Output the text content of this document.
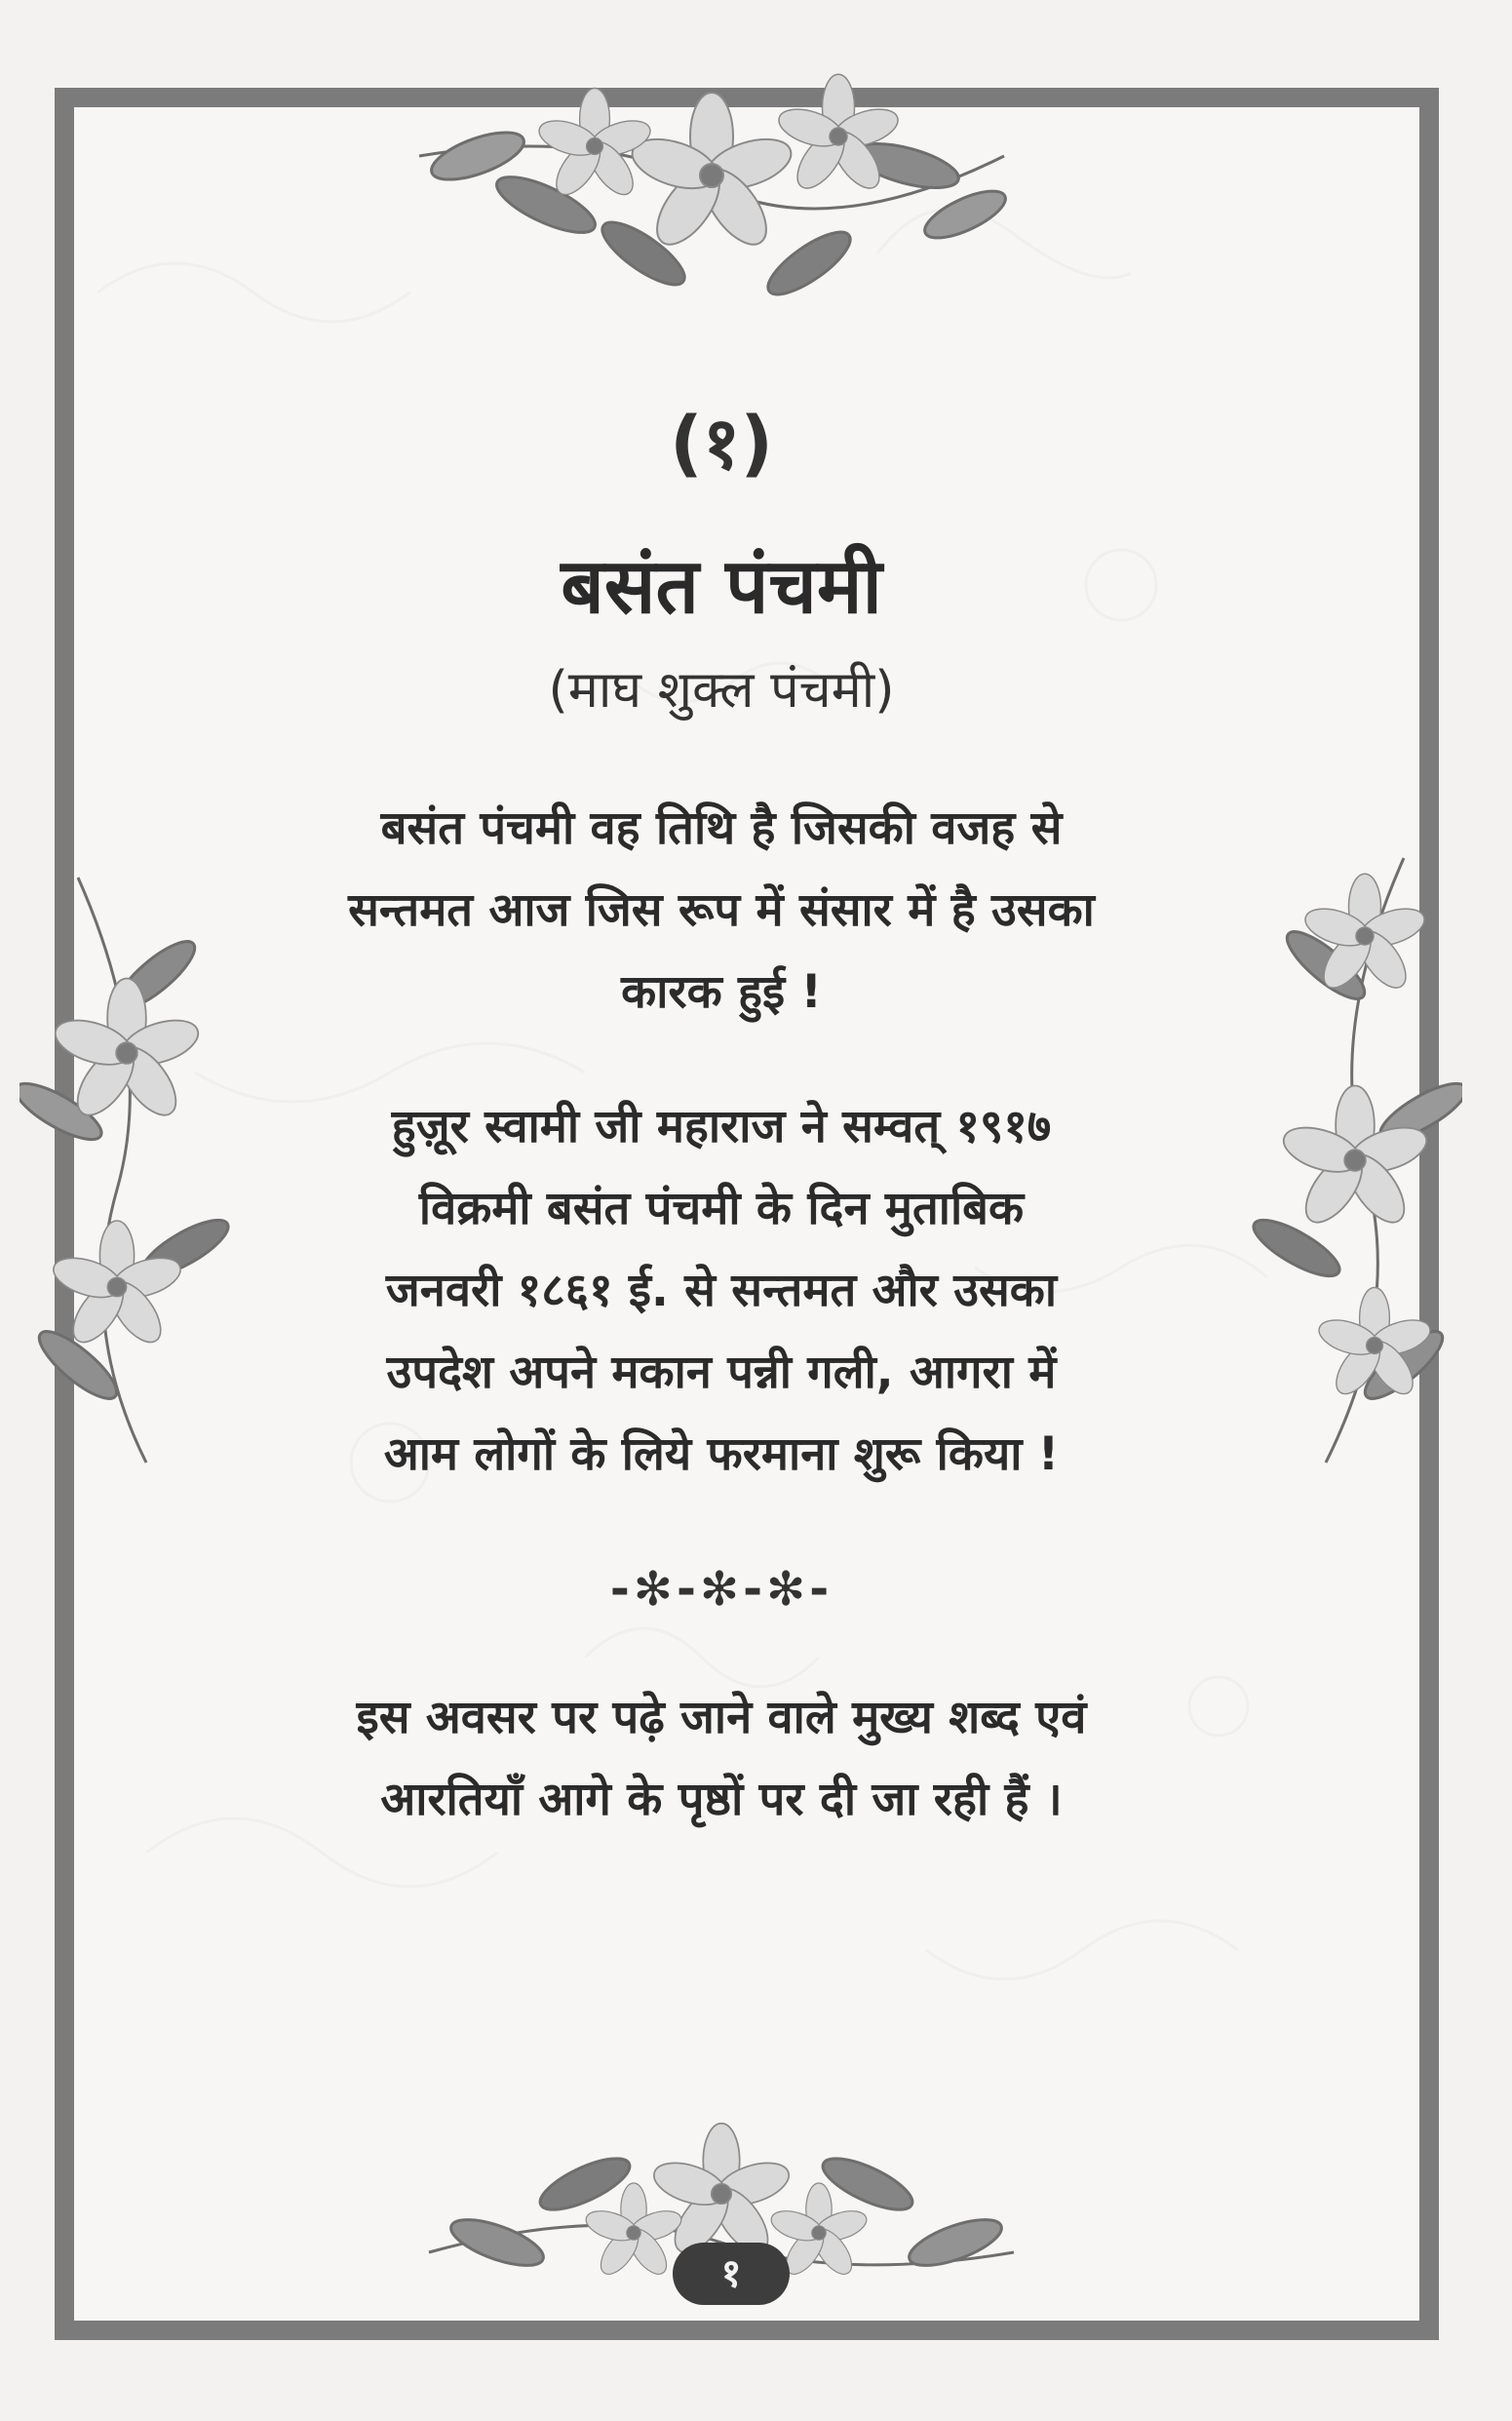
(१)
बसंत पंचमी
(माघ शुक्ल पंचमी)
बसंत पंचमी वह तिथि है जिसकी वजह से
सन्तमत आज जिस रूप में संसार में है उसका
कारक हुई !
हुज़ूर स्वामी जी महाराज ने सम्वत् १९१७
विक्रमी बसंत पंचमी के दिन मुताबिक
जनवरी १८६१ ई. से सन्तमत और उसका
उपदेश अपने मकान पन्नी गली, आगरा में
आम लोगों के लिये फरमाना शुरू किया !
-✻-✻-✻-
इस अवसर पर पढ़े जाने वाले मुख्य शब्द एवं
आरतियाँ आगे के पृष्ठों पर दी जा रही हैं ।
१
